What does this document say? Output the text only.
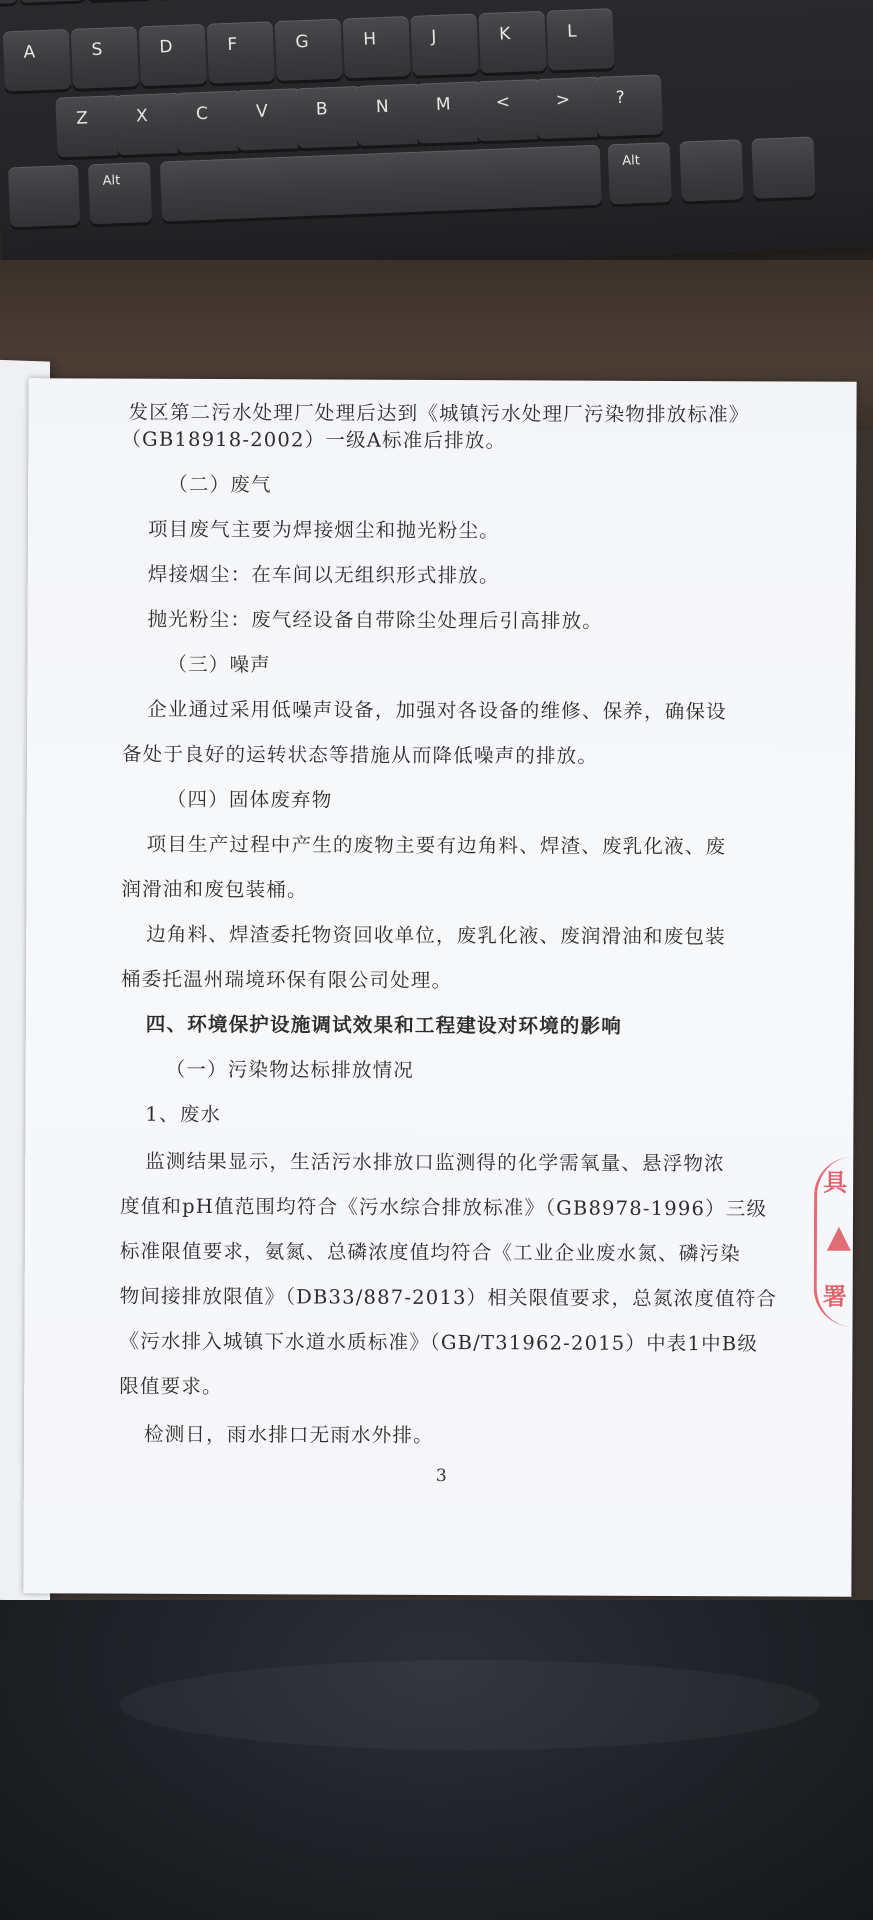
A	S	D	F	G	H	J	K	L
Z	X	C	V	B	N	M	<	>	?
Alt
Alt
发区第二污水处理厂处理后达到《城镇污水处理厂污染物排放标准》
（GB18918-2002）一级A标准后排放。
（二）废气
项目废气主要为焊接烟尘和抛光粉尘。
焊接烟尘：在车间以无组织形式排放。
抛光粉尘：废气经设备自带除尘处理后引高排放。
（三）噪声
企业通过采用低噪声设备，加强对各设备的维修、保养，确保设
备处于良好的运转状态等措施从而降低噪声的排放。
（四）固体废弃物
项目生产过程中产生的废物主要有边角料、焊渣、废乳化液、废
润滑油和废包装桶。
边角料、焊渣委托物资回收单位，废乳化液、废润滑油和废包装
桶委托温州瑞境环保有限公司处理。
四、环境保护设施调试效果和工程建设对环境的影响
（一）污染物达标排放情况
1、废水
监测结果显示，生活污水排放口监测得的化学需氧量、悬浮物浓
度值和pH值范围均符合《污水综合排放标准》（GB8978-1996）三级
标准限值要求，氨氮、总磷浓度值均符合《工业企业废水氮、磷污染
物间接排放限值》（DB33/887-2013）相关限值要求，总氮浓度值符合
《污水排入城镇下水道水质标准》（GB/T31962-2015）中表1中B级
限值要求。
检测日，雨水排口无雨水外排。
3
具
署
